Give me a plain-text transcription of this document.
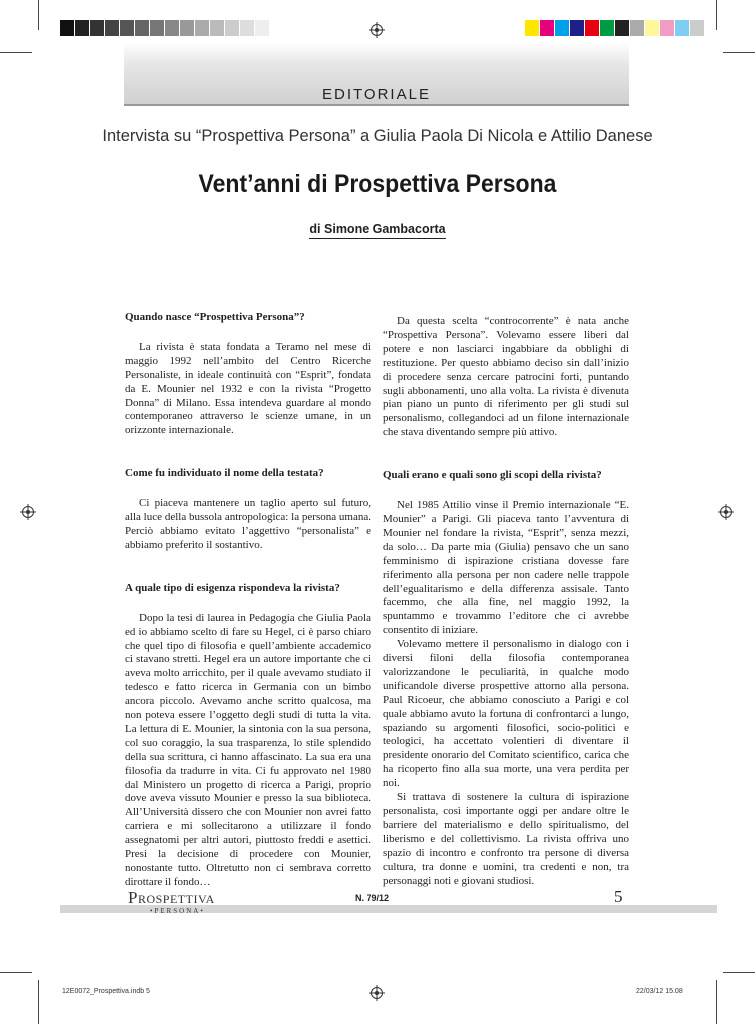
EDITORIALE
Intervista su “Prospettiva Persona” a Giulia Paola Di Nicola e Attilio Danese
Vent’anni di Prospettiva Persona
di Simone Gambacorta
Quando nasce “Prospettiva Persona”?

La rivista è stata fondata a Teramo nel mese di maggio 1992 nell’ambito del Centro Ricerche Personaliste, in ideale continuità con “Esprit”, fondata da E. Mounier nel 1932 e con la rivista “Progetto Donna” di Milano. Essa intendeva guardare al mondo contemporaneo attraverso le scienze umane, in un orizzonte internazionale.

Come fu individuato il nome della testata?

Ci piaceva mantenere un taglio aperto sul futuro, alla luce della bussola antropologica: la persona umana. Perciò abbiamo evitato l’aggettivo “personalista” e abbiamo preferito il sostantivo.

A quale tipo di esigenza rispondeva la rivista?

Dopo la tesi di laurea in Pedagogia che Giulia Paola ed io abbiamo scelto di fare su Hegel, ci è parso chiaro che quel tipo di filosofia e quell’ambiente accademico ci stavano stretti. Hegel era un autore importante che ci aveva molto arricchito, per il quale avevamo studiato il tedesco e fatto ricerca in Germania con un bimbo ancora piccolo. Avevamo anche scritto qualcosa, ma non poteva essere l’oggetto degli studi di tutta la vita. La lettura di E. Mounier, la sintonia con la sua persona, col suo coraggio, la sua trasparenza, lo stile splendido della sua scrittura, ci hanno affascinato. La sua era una filosofia da tradurre in vita. Ci fu approvato nel 1980 dal Ministero un progetto di ricerca a Parigi, proprio dove aveva vissuto Mounier e presso la sua biblioteca. All’Università dissero che con Mounier non avrei fatto carriera e mi sollecitarono a utilizzare il fondo assegnatomi per altri autori, piuttosto freddi e asettici. Presi la decisione di procedere con Mounier, nonostante tutto. Oltretutto non ci sembrava corretto dirottare il fondo…

Da questa scelta “controcorrente” è nata anche “Prospettiva Persona”. Volevamo essere liberi dal potere e non lasciarci ingabbiare da obblighi di restituzione. Per questo abbiamo deciso sin dall’inizio di procedere senza cercare patrocini forti, puntando sugli abbonamenti, uno alla volta. La rivista è divenuta pian piano un punto di riferimento per gli studi sul personalismo, collegandoci ad un filone internazionale che stava diventando sempre più attivo.

Quali erano e quali sono gli scopi della rivista?

Nel 1985 Attilio vinse il Premio internazionale “E. Mounier” a Parigi. Gli piaceva tanto l’avventura di Mounier nel fondare la rivista, “Esprit”, senza mezzi, da solo… Da parte mia (Giulia) pensavo che un sano femminismo di ispirazione cristiana dovesse fare riferimento alla persona per non cadere nelle trappole dell’egualitarismo e della differenza assisale. Tanto facemmo, che alla fine, nel maggio 1992, la spuntammo e trovammo l’editore che ci avrebbe consentito di iniziare.

Volevamo mettere il personalismo in dialogo con i diversi filoni della filosofia contemporanea valorizzandone le peculiarità, in qualche modo unificandole diverse prospettive attorno alla persona. Paul Ricoeur, che abbiamo conosciuto a Parigi e col quale abbiamo avuto la fortuna di confrontarci a lungo, spaziando su argomenti filosofici, socio-politici e teologici, ha accettato volentieri di diventare il presidente onorario del Comitato scientifico, carica che ha ricoperto fino alla sua morte, una vera perdita per noi.

Si trattava di sostenere la cultura di ispirazione personalista, così importante oggi per andare oltre le barriere del materialismo e dello spiritualismo, del liberismo e del collettivismo. La rivista offriva uno spazio di incontro e confronto tra persone di diversa cultura, tra donne e uomini, tra credenti e non, tra personaggi noti e giovani studiosi.

Prospettiva
•PERSONA•
N. 79/12	5
12E0072_Prospettiva.indb 5	22/03/12 15.08
